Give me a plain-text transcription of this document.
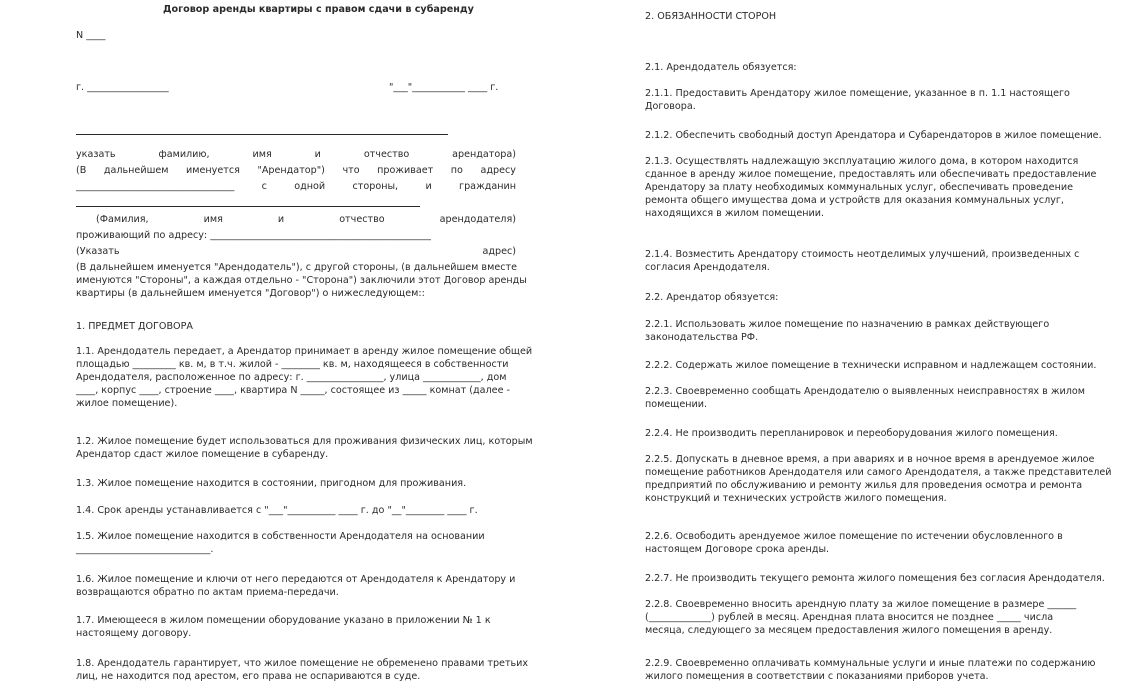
Договор аренды квартиры с правом сдачи в субаренду
N ____
г. _________________	"___"___________ ____ г.
указать	фамилию,	имя	и	отчество	арендатора)
(В дальнейшем именуется "Арендатор") что проживает по адресу
_________________________________ с одной стороны, и гражданин
(Фамилия,	имя	и	отчество	арендодателя)
проживающий по адресу: ______________________________________________
(Указать	адрес)

(В дальнейшем именуется "Арендодатель"), с другой стороны, (в дальнейшем вместе
именуются "Стороны", а каждая отдельно - "Сторона") заключили этот Договор аренды
квартиры (в дальнейшем именуется "Договор") о нижеследующем::

1. ПРЕДМЕТ ДОГОВОРА

1.1. Арендодатель передает, а Арендатор принимает в аренду жилое помещение общей
площадью _________ кв. м, в т.ч. жилой - ________ кв. м, находящееся в собственности
Арендодателя, расположенное по адресу: г. ________________, улица ____________, дом
____, корпус ____, строение ____, квартира N _____, состоящее из _____ комнат (далее -
жилое помещение).

1.2. Жилое помещение будет использоваться для проживания физических лиц, которым
Арендатор сдаст жилое помещение в субаренду.

1.3. Жилое помещение находится в состоянии, пригодном для проживания.

1.4. Срок аренды устанавливается с "___"__________ ____ г. до "__"________ ____ г.

1.5. Жилое помещение находится в собственности Арендодателя на основании
____________________________.

1.6. Жилое помещение и ключи от него передаются от Арендодателя к Арендатору и
возвращаются обратно по актам приема-передачи.

1.7. Имеющееся в жилом помещении оборудование указано в приложении № 1 к
настоящему договору.

1.8. Арендодатель гарантирует, что жилое помещение не обременено правами третьих
лиц, не находится под арестом, его права не оспариваются в суде.

2. ОБЯЗАННОСТИ СТОРОН

2.1. Арендодатель обязуется:

2.1.1. Предоставить Арендатору жилое помещение, указанное в п. 1.1 настоящего
Договора.

2.1.2. Обеспечить свободный доступ Арендатора и Субарендаторов в жилое помещение.

2.1.3. Осуществлять надлежащую эксплуатацию жилого дома, в котором находится
сданное в аренду жилое помещение, предоставлять или обеспечивать предоставление
Арендатору за плату необходимых коммунальных услуг, обеспечивать проведение
ремонта общего имущества дома и устройств для оказания коммунальных услуг,
находящихся в жилом помещении.

2.1.4. Возместить Арендатору стоимость неотделимых улучшений, произведенных с
согласия Арендодателя.

2.2. Арендатор обязуется:

2.2.1. Использовать жилое помещение по назначению в рамках действующего
законодательства РФ.

2.2.2. Содержать жилое помещение в технически исправном и надлежащем состоянии.

2.2.3. Своевременно сообщать Арендодателю о выявленных неисправностях в жилом
помещении.

2.2.4. Не производить перепланировок и переоборудования жилого помещения.

2.2.5. Допускать в дневное время, а при авариях и в ночное время в арендуемое жилое
помещение работников Арендодателя или самого Арендодателя, а также представителей
предприятий по обслуживанию и ремонту жилья для проведения осмотра и ремонта
конструкций и технических устройств жилого помещения.

2.2.6. Освободить арендуемое жилое помещение по истечении обусловленного в
настоящем Договоре срока аренды.

2.2.7. Не производить текущего ремонта жилого помещения без согласия Арендодателя.

2.2.8. Своевременно вносить арендную плату за жилое помещение в размере ______
(_____________) рублей в месяц. Арендная плата вносится не позднее _____ числа
месяца, следующего за месяцем предоставления жилого помещения в аренду.

2.2.9. Своевременно оплачивать коммунальные услуги и иные платежи по содержанию
жилого помещения в соответствии с показаниями приборов учета.
